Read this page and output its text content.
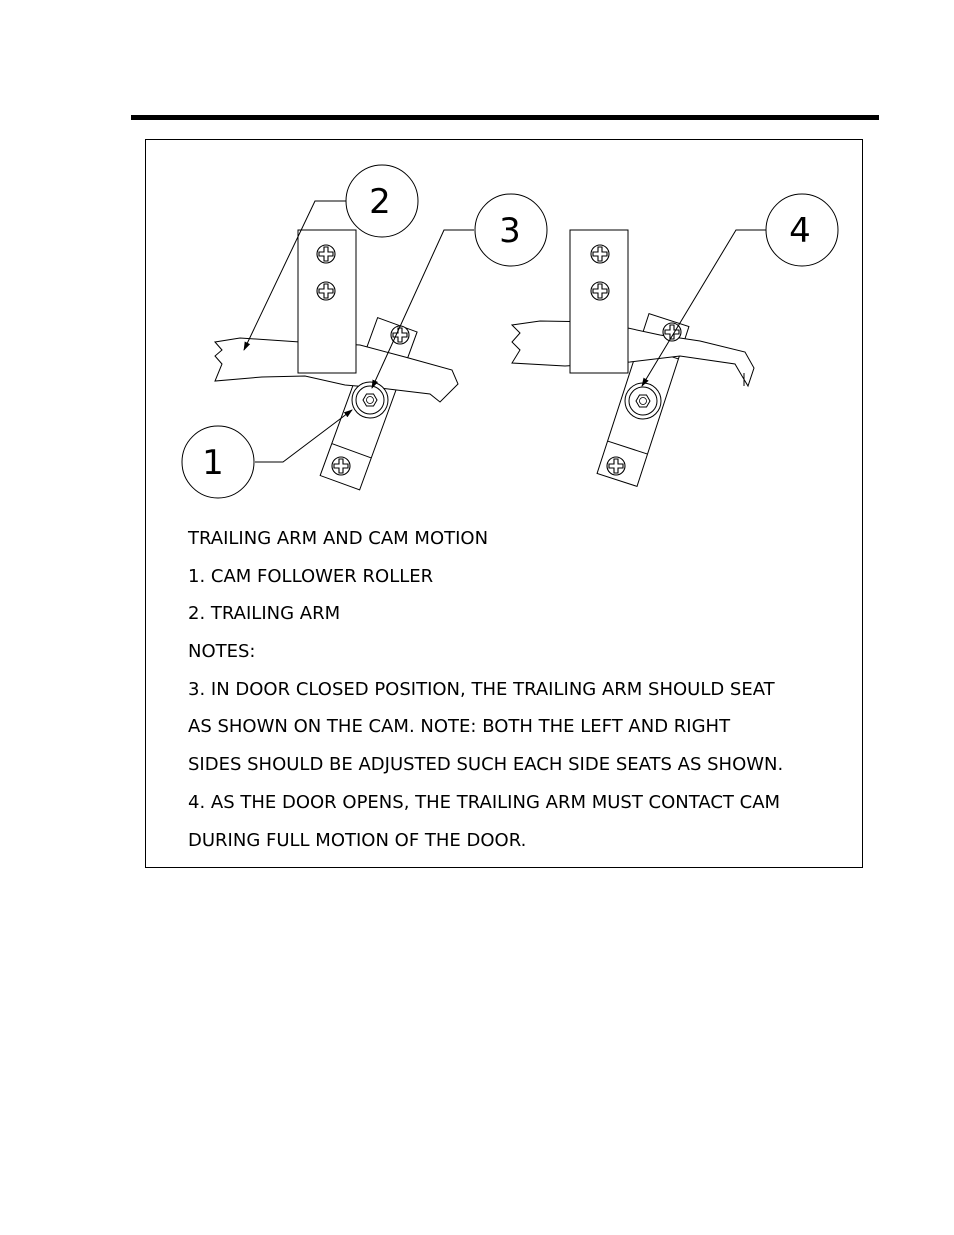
1
2
3	4
TRAILING ARM AND CAM MOTION
1. CAM FOLLOWER ROLLER
2. TRAILING ARM
NOTES:
3. IN DOOR CLOSED POSITION, THE TRAILING ARM SHOULD SEAT
AS SHOWN ON THE CAM. NOTE: BOTH THE LEFT AND RIGHT
SIDES SHOULD BE ADJUSTED SUCH EACH SIDE SEATS AS SHOWN.
4. AS THE DOOR OPENS, THE TRAILING ARM MUST CONTACT CAM
DURING FULL MOTION OF THE DOOR.
